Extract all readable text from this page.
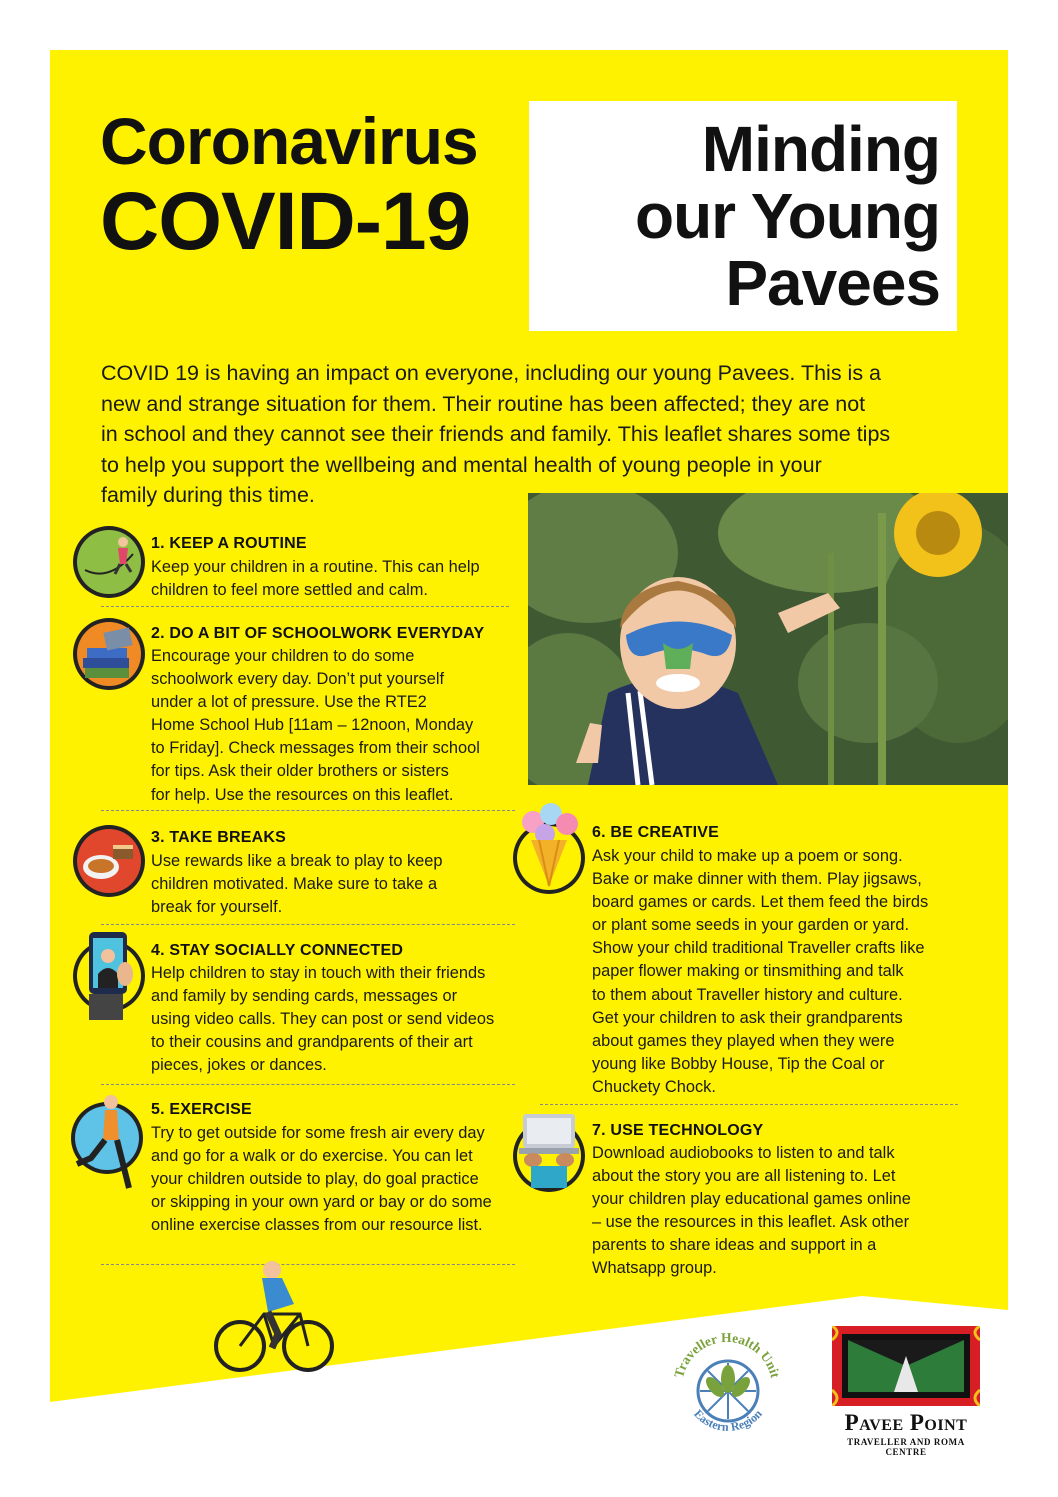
Coronavirus
COVID-19
Minding
our Young
Pavees
COVID 19 is having an impact on everyone, including our young Pavees. This is a
new and strange situation for them. Their routine has been affected; they are not
in school and they cannot see their friends and family. This leaflet shares some tips
to help you support the wellbeing and mental health of young people in your
family during this time.
1. KEEP A ROUTINE
Keep your children in a routine. This can help
children to feel more settled and calm.
2. DO A BIT OF SCHOOLWORK EVERYDAY
Encourage your children to do some
schoolwork every day. Don’t put yourself
under a lot of pressure. Use the RTE2
Home School Hub [11am – 12noon, Monday
to Friday]. Check messages from their school
for tips. Ask their older brothers or sisters
for help. Use the resources on this leaflet.
3. TAKE BREAKS
Use rewards like a break to play to keep
children motivated. Make sure to take a
break for yourself.
4. STAY SOCIALLY CONNECTED
Help children to stay in touch with their friends
and family by sending cards, messages or
using video calls. They can post or send videos
to their cousins and grandparents of their art
pieces, jokes or dances.
5. EXERCISE
Try to get outside for some fresh air every day
and go for a walk or do exercise. You can let
your children outside to play, do goal practice
or skipping in your own yard or bay or do some
online exercise classes from our resource list.
6. BE CREATIVE
Ask your child to make up a poem or song.
Bake or make dinner with them. Play jigsaws,
board games or cards. Let them feed the birds
or plant some seeds in your garden or yard.
Show your child traditional Traveller crafts like
paper flower making or tinsmithing and talk
to them about Traveller history and culture.
Get your children to ask their grandparents
about games they played when they were
young like Bobby House, Tip the Coal or
Chuckety Chock.
7. USE TECHNOLOGY
Download audiobooks to listen to and talk
about the story you are all listening to. Let
your children play educational games online
– use the resources in this leaflet. Ask other
parents to share ideas and support in a
Whatsapp group.
Traveller Health Unit
Eastern Region	Pavee Point
TRAVELLER AND ROMA CENTRE
